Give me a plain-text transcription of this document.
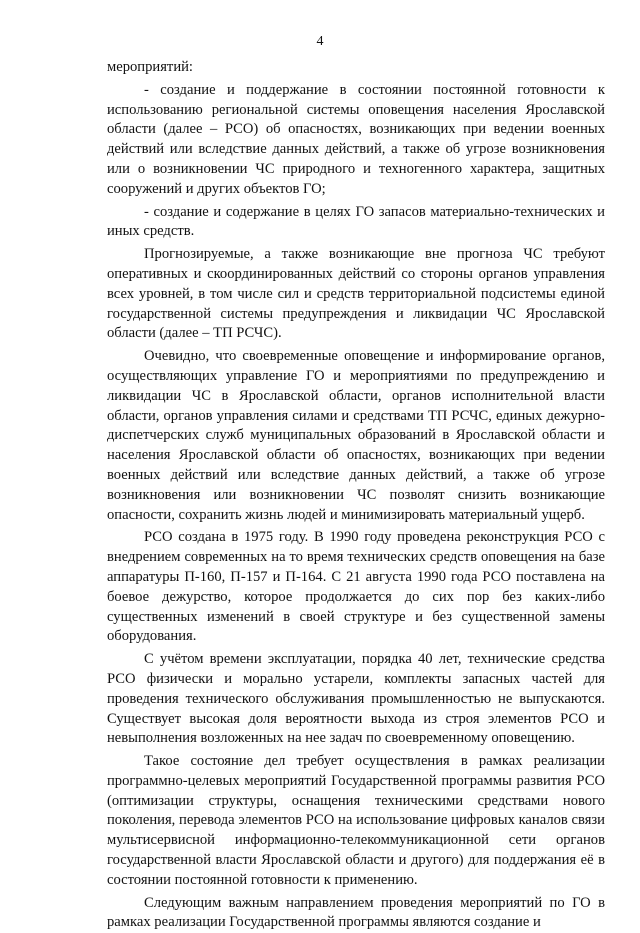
4

мероприятий:

- создание и поддержание в состоянии постоянной готовности к использованию региональной системы оповещения населения Ярославской области (далее – РСО) об опасностях, возникающих при ведении военных действий или вследствие данных действий, а также об угрозе возникновения или о возникновении ЧС природного и техногенного характера, защитных сооружений и других объектов ГО;

- создание и содержание в целях ГО запасов материально-технических и иных средств.

Прогнозируемые, а также возникающие вне прогноза ЧС требуют оперативных и скоординированных действий со стороны органов управления всех уровней, в том числе сил и средств территориальной подсистемы единой государственной системы предупреждения и ликвидации ЧС Ярославской области (далее – ТП РСЧС).

Очевидно, что своевременные оповещение и информирование органов, осуществляющих управление ГО и мероприятиями по предупреждению и ликвидации ЧС в Ярославской области, органов исполнительной власти области, органов управления силами и средствами ТП РСЧС, единых дежурно-диспетчерских служб муниципальных образований в Ярославской области и населения Ярославской области об опасностях, возникающих при ведении военных действий или вследствие данных действий, а также об угрозе возникновения или возникновении ЧС позволят снизить возникающие опасности, сохранить жизнь людей и минимизировать материальный ущерб.

РСО создана в 1975 году. В 1990 году проведена реконструкция РСО с внедрением современных на то время технических средств оповещения на базе аппаратуры П-160, П-157 и П-164. С 21 августа 1990 года РСО поставлена на боевое дежурство, которое продолжается до сих пор без каких-либо существенных изменений в своей структуре и без существенной замены оборудования.

С учётом времени эксплуатации, порядка 40 лет, технические средства РСО физически и морально устарели, комплекты запасных частей для проведения технического обслуживания промышленностью не выпускаются. Существует высокая доля вероятности выхода из строя элементов РСО и невыполнения возложенных на нее задач по своевременному оповещению.

Такое состояние дел требует осуществления в рамках реализации программно-целевых мероприятий Государственной программы развития РСО (оптимизации структуры, оснащения техническими средствами нового поколения, перевода элементов РСО на использование цифровых каналов связи мультисервисной информационно-телекоммуникационной сети органов государственной власти Ярославской области и другого) для поддержания её в состоянии постоянной готовности к применению.

Следующим важным направлением проведения мероприятий по ГО в рамках реализации Государственной программы являются создание и
